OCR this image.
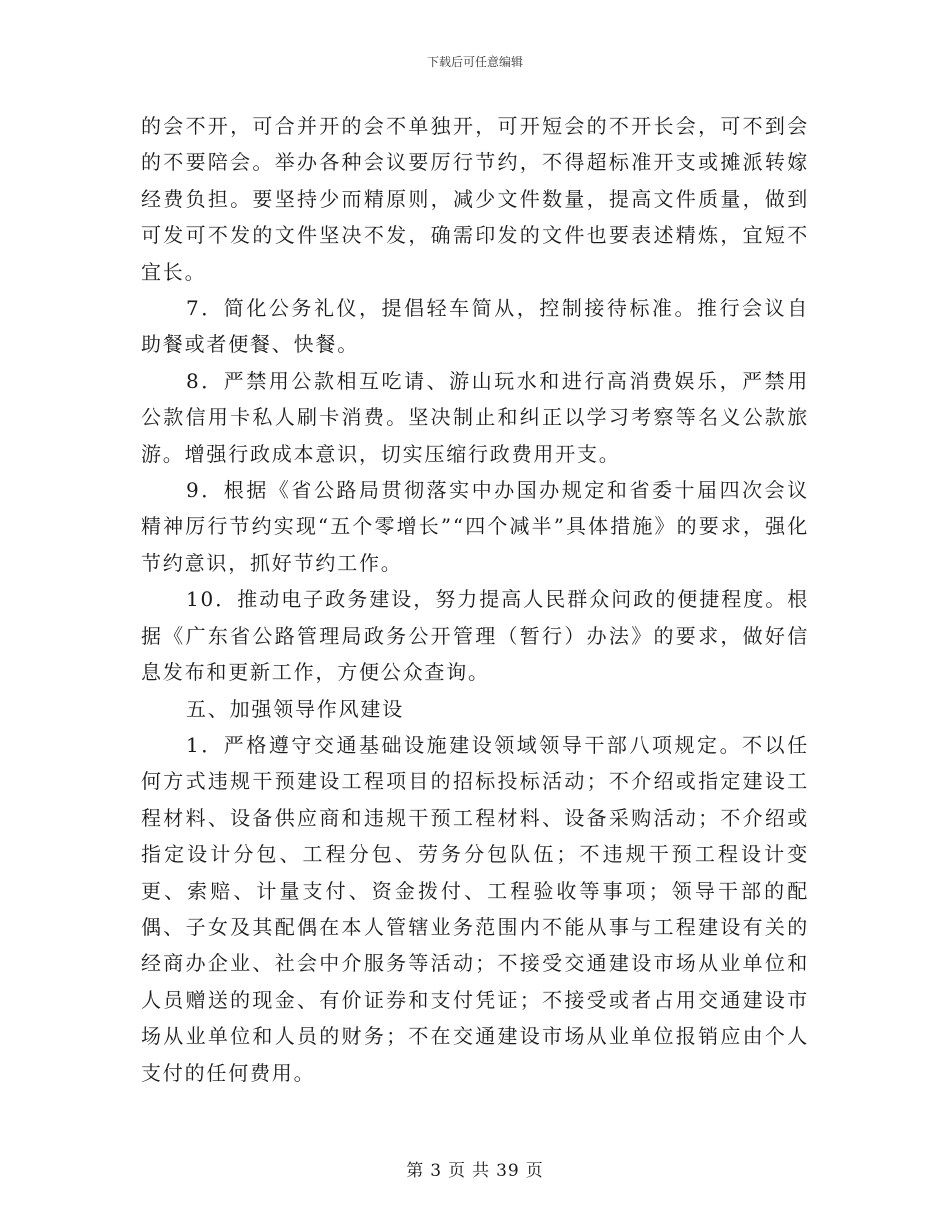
下载后可任意编辑

的会不开，可合并开的会不单独开，可开短会的不开长会，可不到会的不要陪会。举办各种会议要厉行节约，不得超标准开支或摊派转嫁经费负担。要坚持少而精原则，减少文件数量，提高文件质量，做到可发可不发的文件坚决不发，确需印发的文件也要表述精炼，宜短不宜长。

7．简化公务礼仪，提倡轻车简从，控制接待标准。推行会议自助餐或者便餐、快餐。

8．严禁用公款相互吃请、游山玩水和进行高消费娱乐，严禁用公款信用卡私人刷卡消费。坚决制止和纠正以学习考察等名义公款旅游。增强行政成本意识，切实压缩行政费用开支。

9．根据《省公路局贯彻落实中办国办规定和省委十届四次会议精神厉行节约实现“五个零增长”“四个减半”具体措施》的要求，强化节约意识，抓好节约工作。

10．推动电子政务建设，努力提高人民群众问政的便捷程度。根据《广东省公路管理局政务公开管理（暂行）办法》的要求，做好信息发布和更新工作，方便公众查询。

五、加强领导作风建设

1．严格遵守交通基础设施建设领域领导干部八项规定。不以任何方式违规干预建设工程项目的招标投标活动；不介绍或指定建设工程材料、设备供应商和违规干预工程材料、设备采购活动；不介绍或指定设计分包、工程分包、劳务分包队伍；不违规干预工程设计变更、索赔、计量支付、资金拨付、工程验收等事项；领导干部的配偶、子女及其配偶在本人管辖业务范围内不能从事与工程建设有关的经商办企业、社会中介服务等活动；不接受交通建设市场从业单位和人员赠送的现金、有价证券和支付凭证；不接受或者占用交通建设市场从业单位和人员的财务；不在交通建设市场从业单位报销应由个人支付的任何费用。

第 3 页 共 39 页
